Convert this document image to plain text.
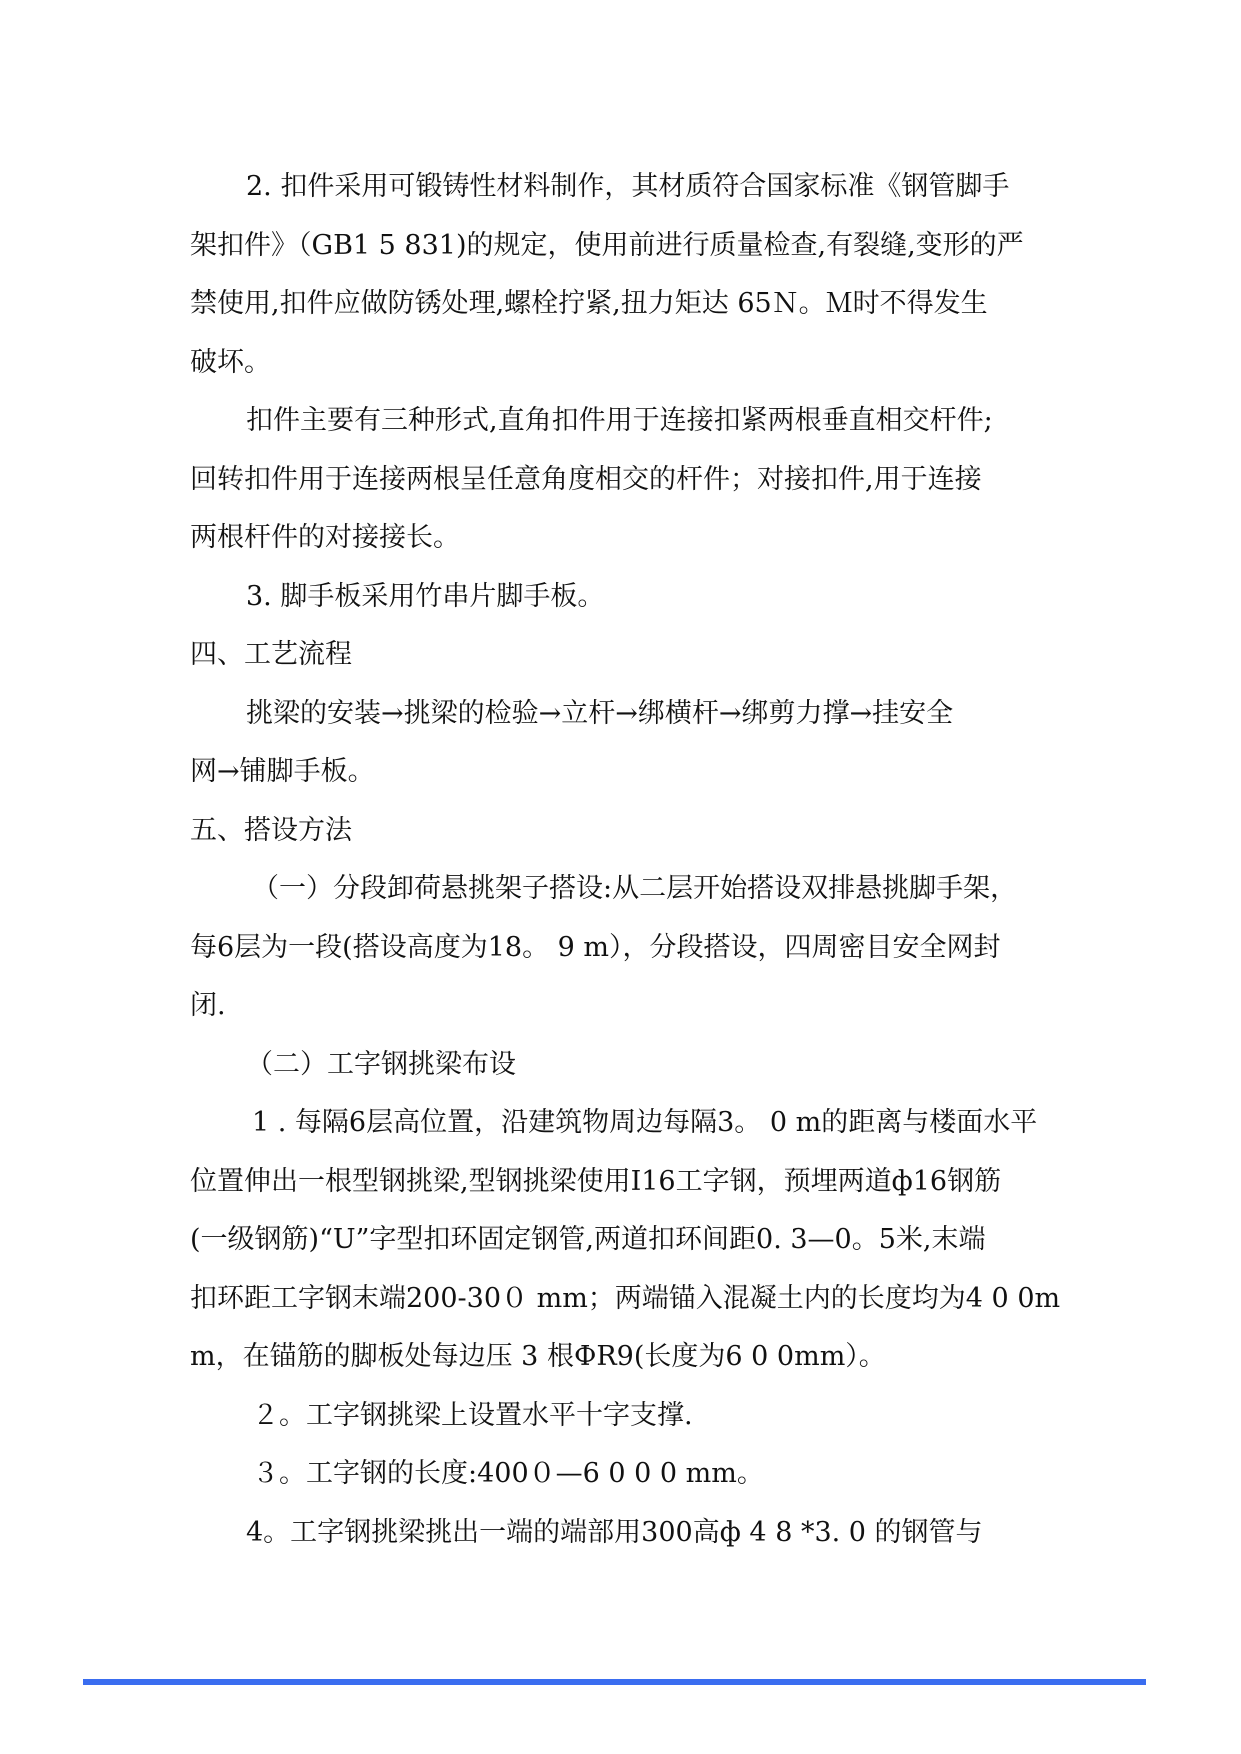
2. 扣件采用可锻铸性材料制作，其材质符合国家标准《钢管脚手
架扣件》（GB1 5 831)的规定，使用前进行质量检查,有裂缝,变形的严
禁使用,扣件应做防锈处理,螺栓拧紧,扭力矩达 65Ｎ。Ｍ时不得发生
破坏。
扣件主要有三种形式,直角扣件用于连接扣紧两根垂直相交杆件;
回转扣件用于连接两根呈任意角度相交的杆件；对接扣件,用于连接
两根杆件的对接接长。
3. 脚手板采用竹串片脚手板。
四、工艺流程
挑梁的安装→挑梁的检验→立杆→绑横杆→绑剪力撑→挂安全
网→铺脚手板。
五、搭设方法
（一）分段卸荷悬挑架子搭设:从二层开始搭设双排悬挑脚手架，
每6层为一段(搭设高度为18。 9 m），分段搭设，四周密目安全网封
闭.
（二）工字钢挑梁布设
1 . 每隔6层高位置，沿建筑物周边每隔3。 0 m的距离与楼面水平
位置伸出一根型钢挑梁,型钢挑梁使用I16工字钢，预埋两道ф16钢筋
(一级钢筋)“U”字型扣环固定钢管,两道扣环间距0. 3—0。5米,末端
扣环距工字钢末端200-30０ mm；两端锚入混凝土内的长度均为4 0 0m
m，在锚筋的脚板处每边压 3 根ФR9(长度为6 0 0mm）。
２。工字钢挑梁上设置水平十字支撑.
３。工字钢的长度:400０—6 0 0 0 mm。
4。工字钢挑梁挑出一端的端部用300高ф 4 8 *3. 0 的钢管与
